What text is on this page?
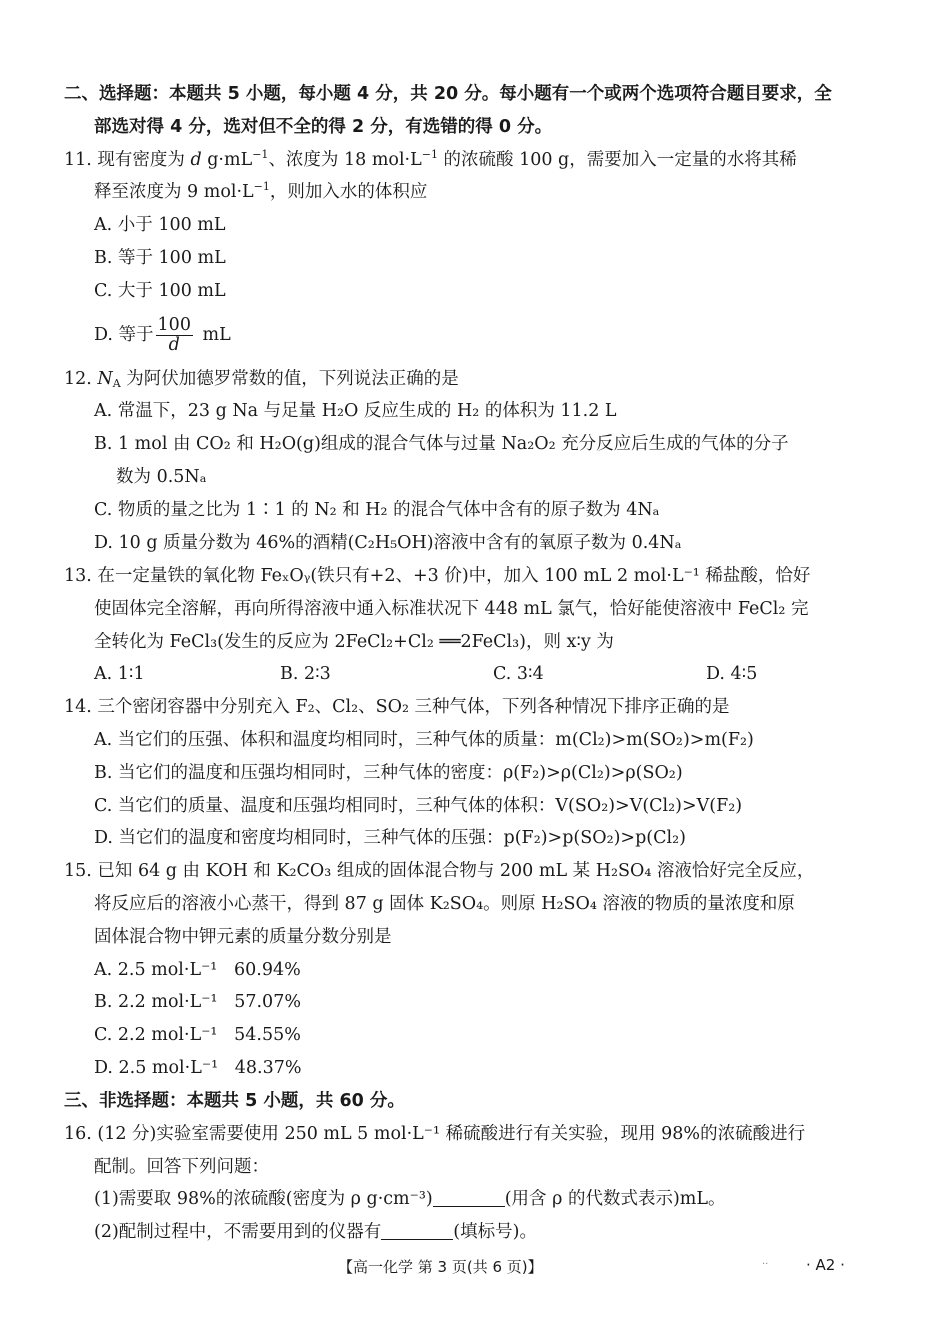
二、选择题：本题共 5 小题，每小题 4 分，共 20 分。每小题有一个或两个选项符合题目要求，全
部选对得 4 分，选对但不全的得 2 分，有选错的得 0 分。
11. 现有密度为 d $g\cdot mL^{-1}$、浓度为 18 $mol\cdot L^{-1}$ 的浓硫酸 100 g，需要加入一定量的水将其稀
释至浓度为 9 $mol\cdot L^{-1}$，则加入水的体积应
A. 小于 100 mL
B. 等于 100 mL
C. 大于 100 mL
D. 等于 $\frac{100}{d}$ mL
12. $N_A$ 为阿伏加德罗常数的值，下列说法正确的是
A. 常温下，23 g Na 与足量 H₂O 反应生成的 H₂ 的体积为 11.2 L
B. 1 mol 由 CO₂ 和 H₂O(g)组成的混合气体与过量 Na₂O₂ 充分反应后生成的气体的分子
数为 0.5Nₐ
C. 物质的量之比为 1∶1 的 N₂ 和 H₂ 的混合气体中含有的原子数为 4Nₐ
D. 10 g 质量分数为 46%的酒精(C₂H₅OH)溶液中含有的氧原子数为 0.4Nₐ
13. 在一定量铁的氧化物 FeₓOᵧ(铁只有+2、+3 价)中，加入 100 mL 2 mol·L⁻¹ 稀盐酸，恰好
使固体完全溶解，再向所得溶液中通入标准状况下 448 mL 氯气，恰好能使溶液中 FeCl₂ 完
全转化为 FeCl₃(发生的反应为 2FeCl₂+Cl₂ ══2FeCl₃)，则 x∶y 为
A. 1∶1	B. 2∶3	C. 3∶4	D. 4∶5
14. 三个密闭容器中分别充入 F₂、Cl₂、SO₂ 三种气体，下列各种情况下排序正确的是
A. 当它们的压强、体积和温度均相同时，三种气体的质量：m(Cl₂)>m(SO₂)>m(F₂)
B. 当它们的温度和压强均相同时，三种气体的密度：ρ(F₂)>ρ(Cl₂)>ρ(SO₂)
C. 当它们的质量、温度和压强均相同时，三种气体的体积：V(SO₂)>V(Cl₂)>V(F₂)
D. 当它们的温度和密度均相同时，三种气体的压强：p(F₂)>p(SO₂)>p(Cl₂)
15. 已知 64 g 由 KOH 和 K₂CO₃ 组成的固体混合物与 200 mL 某 H₂SO₄ 溶液恰好完全反应，
将反应后的溶液小心蒸干，得到 87 g 固体 K₂SO₄。则原 H₂SO₄ 溶液的物质的量浓度和原
固体混合物中钾元素的质量分数分别是
A. 2.5 mol·L⁻¹   60.94%
B. 2.2 mol·L⁻¹   57.07%
C. 2.2 mol·L⁻¹   54.55%
D. 2.5 mol·L⁻¹   48.37%
三、非选择题：本题共 5 小题，共 60 分。
16. (12 分)实验室需要使用 250 mL 5 mol·L⁻¹ 稀硫酸进行有关实验，现用 98%的浓硫酸进行
配制。回答下列问题：
(1)需要取 98%的浓硫酸(密度为 ρ g·cm⁻³)	(用含 ρ 的代数式表示)mL。
(2)配制过程中，不需要用到的仪器有	(填标号)。
【高一化学 第 3 页(共 6 页)】	..	· A2 ·
